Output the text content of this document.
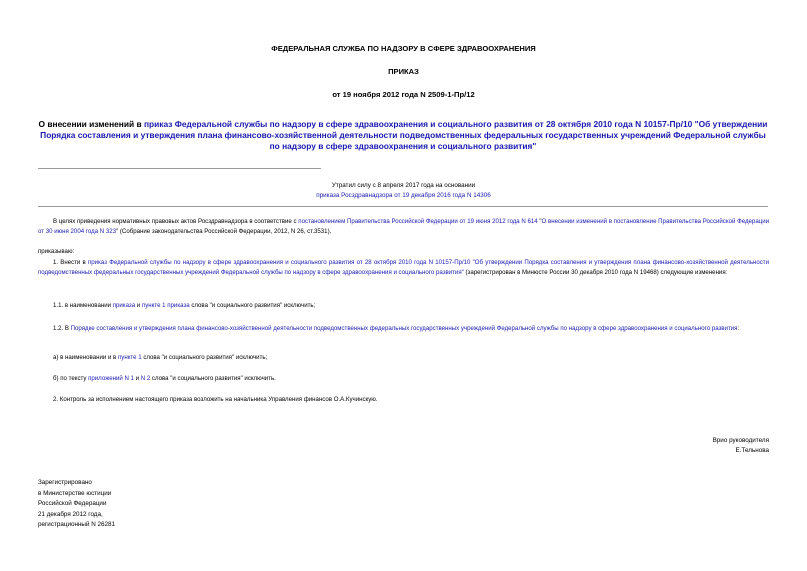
ФЕДЕРАЛЬНАЯ СЛУЖБА ПО НАДЗОРУ В СФЕРЕ ЗДРАВООХРАНЕНИЯ
ПРИКАЗ
от 19 ноября 2012 года N 2509-1-Пр/12
О внесении изменений в приказ Федеральной службы по надзору в сфере здравоохранения и социального развития от 28 октября 2010 года N 10157-Пр/10 "Об утверждении Порядка составления и утверждения плана финансово-хозяйственной деятельности подведомственных федеральных государственных учреждений Федеральной службы по надзору в сфере здравоохранения и социального развития"
Утратил силу с 8 апреля 2017 года на основании
приказа Росздравнадзора от 19 декабря 2016 года N 14306
В целях приведения нормативных правовых актов Росздравнадзора в соответствие с постановлением Правительства Российской Федерации от 19 июня 2012 года N 614 "О внесении изменений в постановление Правительства Российской Федерации от 30 июня 2004 года N 323" (Собрание законодательства Российской Федерации, 2012, N 26, ст.3531),
приказываю:
1. Внести в приказ Федеральной службы по надзору в сфере здравоохранения и социального развития от 28 октября 2010 года N 10157-Пр/10 "Об утверждении Порядка составления и утверждения плана финансово-хозяйственной деятельности подведомственных федеральных государственных учреждений Федеральной службы по надзору в сфере здравоохранения и социального развития" (зарегистрирован в Минюсте России 30 декабря 2010 года N 19468) следующие изменения:
1.1. в наименовании приказа и пункте 1 приказа слова "и социального развития" исключить;
1.2. В Порядке составления и утверждения плана финансово-хозяйственной деятельности подведомственных федеральных государственных учреждений Федеральной службы по надзору в сфере здравоохранения и социального развития:
а) в наименовании и в пункте 1 слова "и социального развития" исключить;
б) по тексту приложений N 1 и N 2 слова "и социального развития" исключить.
2. Контроль за исполнением настоящего приказа возложить на начальника Управления финансов О.А.Кучинскую.
Врио руководителя
Е.Тельнова
Зарегистрировано
в Министерстве юстиции
Российской Федерации
21 декабря 2012 года,
регистрационный N 26281
